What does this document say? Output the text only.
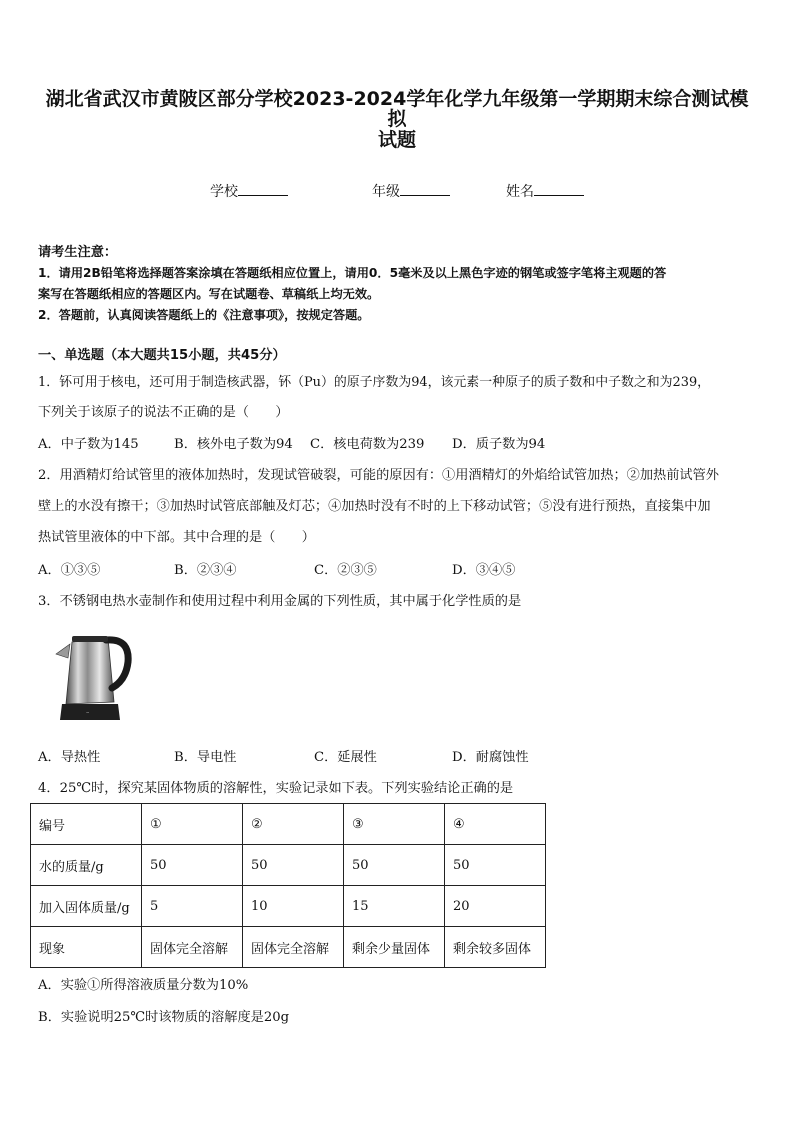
湖北省武汉市黄陂区部分学校2023-2024学年化学九年级第一学期期末综合测试模拟
试题
学校	年级	姓名
请考生注意：
1．请用2B铅笔将选择题答案涂填在答题纸相应位置上，请用0．5毫米及以上黑色字迹的钢笔或签字笔将主观题的答
案写在答题纸相应的答题区内。写在试题卷、草稿纸上均无效。
2．答题前，认真阅读答题纸上的《注意事项》，按规定答题。
一、单选题（本大题共15小题，共45分）
1．钚可用于核电，还可用于制造核武器，钚（Pu）的原子序数为94，该元素一种原子的质子数和中子数之和为239，
下列关于该原子的说法不正确的是（　　）
A．中子数为145	B．核外电子数为94 C．核电荷数为239 D．质子数为94
2．用酒精灯给试管里的液体加热时，发现试管破裂，可能的原因有：①用酒精灯的外焰给试管加热；②加热前试管外
壁上的水没有擦干；③加热时试管底部触及灯芯；④加热时没有不时的上下移动试管；⑤没有进行预热，直接集中加
热试管里液体的中下部。其中合理的是（　　）
A．①③⑤	B．②③④	C．②③⑤	D．③④⑤
3．不锈钢电热水壶制作和使用过程中利用金属的下列性质，其中属于化学性质的是
~
A．导热性	B．导电性	C．延展性	D．耐腐蚀性
4．25℃时，探究某固体物质的溶解性，实验记录如下表。下列实验结论正确的是
编号	①	②	③	④
水的质量/g	50	50	50	50
加入固体质量/g	5	10	15	20
现象	固体完全溶解	固体完全溶解	剩余少量固体	剩余较多固体
A．实验①所得溶液质量分数为10%
B．实验说明25℃时该物质的溶解度是20g
